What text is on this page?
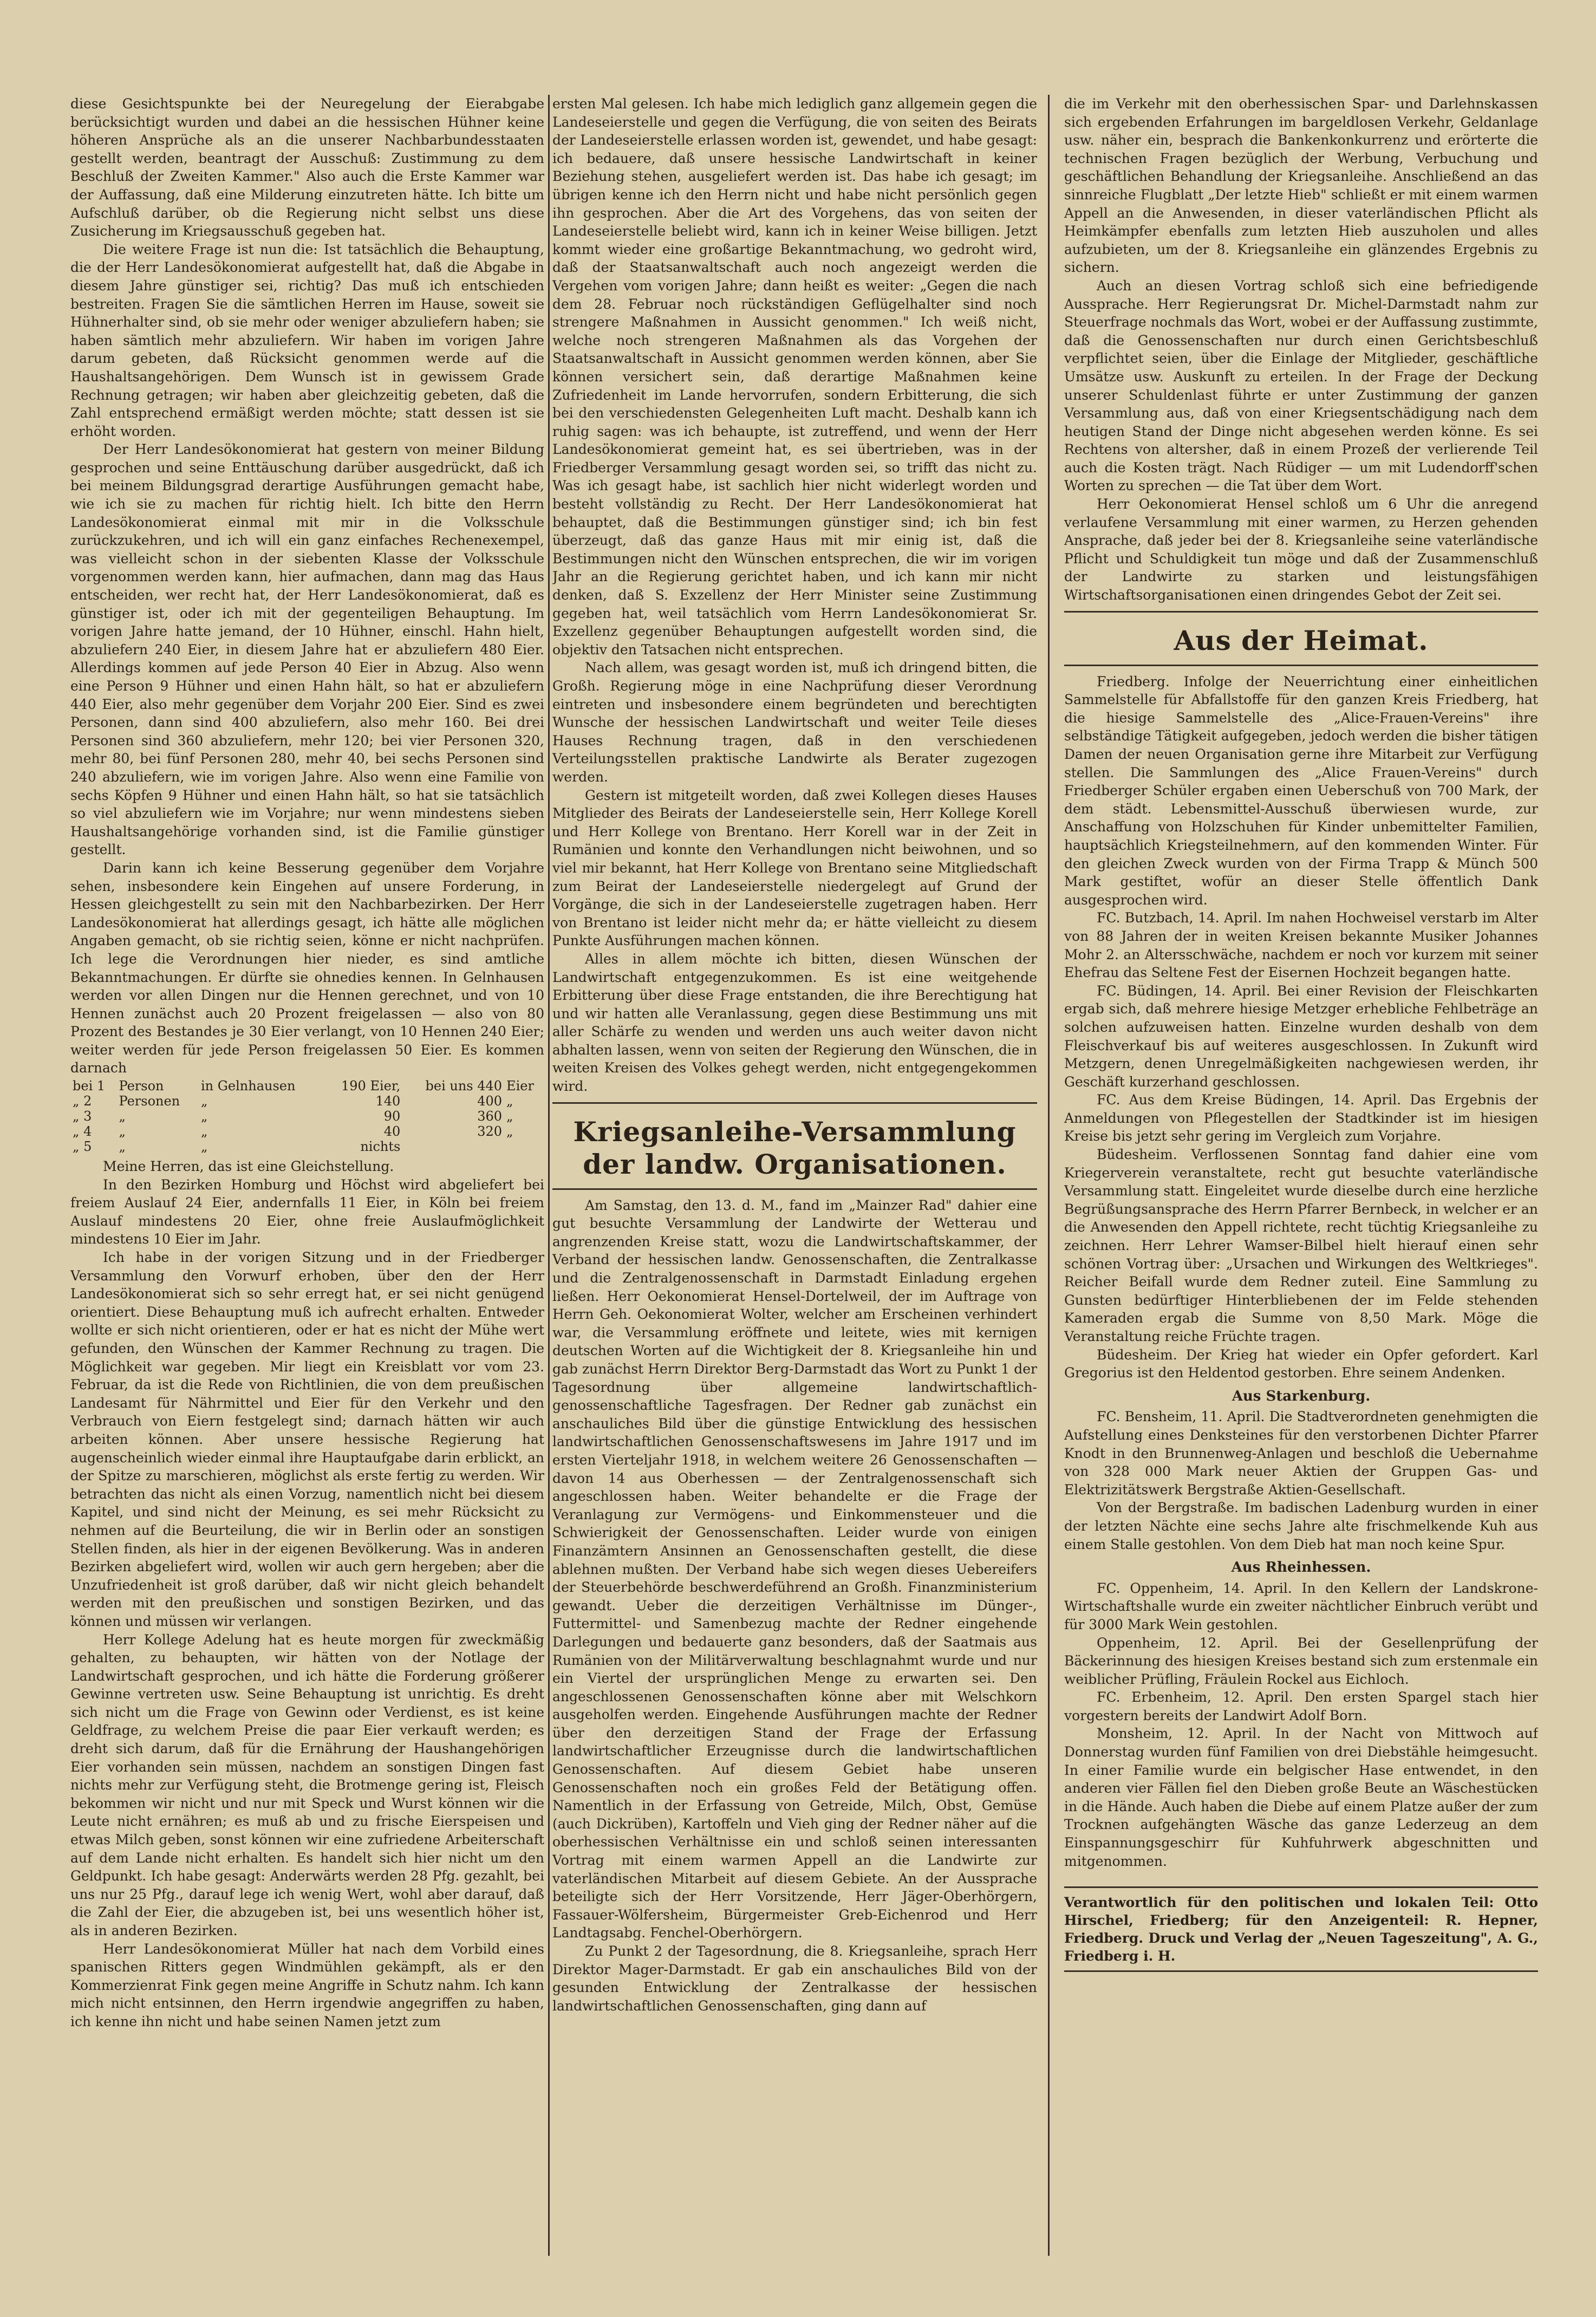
diese Gesichtspunkte bei der Neuregelung der Eierabgabe berücksichtigt wurden und dabei an die hessischen Hühner keine höheren Ansprüche als an die unserer Nachbarbundesstaaten gestellt werden, beantragt der Ausschuß: Zustimmung zu dem Beschluß der Zweiten Kammer." Also auch die Erste Kammer war der Auffassung, daß eine Milderung einzutreten hätte. Ich bitte um Aufschluß darüber, ob die Regierung nicht selbst uns diese Zusicherung im Kriegsausschuß gegeben hat.

Die weitere Frage ist nun die: Ist tatsächlich die Behauptung, die der Herr Landesökonomierat aufgestellt hat, daß die Abgabe in diesem Jahre günstiger sei, richtig? Das muß ich entschieden bestreiten. Fragen Sie die sämtlichen Herren im Hause, soweit sie Hühnerhalter sind, ob sie mehr oder weniger abzuliefern haben; sie haben sämtlich mehr abzuliefern. Wir haben im vorigen Jahre darum gebeten, daß Rücksicht genommen werde auf die Haushaltsangehörigen. Dem Wunsch ist in gewissem Grade Rechnung getragen; wir haben aber gleichzeitig gebeten, daß die Zahl entsprechend ermäßigt werden möchte; statt dessen ist sie erhöht worden.

Der Herr Landesökonomierat hat gestern von meiner Bildung gesprochen und seine Enttäuschung darüber ausgedrückt, daß ich bei meinem Bildungsgrad derartige Ausführungen gemacht habe, wie ich sie zu machen für richtig hielt. Ich bitte den Herrn Landesökonomierat einmal mit mir in die Volksschule zurückzukehren, und ich will ein ganz einfaches Rechenexempel, was vielleicht schon in der siebenten Klasse der Volksschule vorgenommen werden kann, hier aufmachen, dann mag das Haus entscheiden, wer recht hat, der Herr Landesökonomierat, daß es günstiger ist, oder ich mit der gegenteiligen Behauptung. Im vorigen Jahre hatte jemand, der 10 Hühner, einschl. Hahn hielt, abzuliefern 240 Eier, in diesem Jahre hat er abzuliefern 480 Eier. Allerdings kommen auf jede Person 40 Eier in Abzug. Also wenn eine Person 9 Hühner und einen Hahn hält, so hat er abzuliefern 440 Eier, also mehr gegenüber dem Vorjahr 200 Eier. Sind es zwei Personen, dann sind 400 abzuliefern, also mehr 160. Bei drei Personen sind 360 abzuliefern, mehr 120; bei vier Personen 320, mehr 80, bei fünf Personen 280, mehr 40, bei sechs Personen sind 240 abzuliefern, wie im vorigen Jahre. Also wenn eine Familie von sechs Köpfen 9 Hühner und einen Hahn hält, so hat sie tatsächlich so viel abzuliefern wie im Vorjahre; nur wenn mindestens sieben Haushaltsangehörige vorhanden sind, ist die Familie günstiger gestellt.

Darin kann ich keine Besserung gegenüber dem Vorjahre sehen, insbesondere kein Eingehen auf unsere Forderung, in Hessen gleichgestellt zu sein mit den Nachbarbezirken. Der Herr Landesökonomierat hat allerdings gesagt, ich hätte alle möglichen Angaben gemacht, ob sie richtig seien, könne er nicht nachprüfen. Ich lege die Verordnungen hier nieder, es sind amtliche Bekanntmachungen. Er dürfte sie ohnedies kennen. In Gelnhausen werden vor allen Dingen nur die Hennen gerechnet, und von 10 Hennen zunächst auch 20 Prozent freigelassen — also von 80 Prozent des Bestandes je 30 Eier verlangt, von 10 Hennen 240 Eier; weiter werden für jede Person freigelassen 50 Eier. Es kommen darnach

bei 1	Person	in Gelnhausen	190 Eier,	bei uns 440	Eier
„ 2	Personen	„	140	400	„
„ 3	„	„	90	360	„
„ 4	„	„	40	320	„
„ 5	„	„	nichts		

Meine Herren, das ist eine Gleichstellung.

In den Bezirken Homburg und Höchst wird abgeliefert bei freiem Auslauf 24 Eier, andernfalls 11 Eier, in Köln bei freiem Auslauf mindestens 20 Eier, ohne freie Auslaufmöglichkeit mindestens 10 Eier im Jahr.

Ich habe in der vorigen Sitzung und in der Friedberger Versammlung den Vorwurf erhoben, über den der Herr Landesökonomierat sich so sehr erregt hat, er sei nicht genügend orientiert. Diese Behauptung muß ich aufrecht erhalten. Entweder wollte er sich nicht orientieren, oder er hat es nicht der Mühe wert gefunden, den Wünschen der Kammer Rechnung zu tragen. Die Möglichkeit war gegeben. Mir liegt ein Kreisblatt vor vom 23. Februar, da ist die Rede von Richtlinien, die von dem preußischen Landesamt für Nährmittel und Eier für den Verkehr und den Verbrauch von Eiern festgelegt sind; darnach hätten wir auch arbeiten können. Aber unsere hessische Regierung hat augenscheinlich wieder einmal ihre Hauptaufgabe darin erblickt, an der Spitze zu marschieren, möglichst als erste fertig zu werden. Wir betrachten das nicht als einen Vorzug, namentlich nicht bei diesem Kapitel, und sind nicht der Meinung, es sei mehr Rücksicht zu nehmen auf die Beurteilung, die wir in Berlin oder an sonstigen Stellen finden, als hier in der eigenen Bevölkerung. Was in anderen Bezirken abgeliefert wird, wollen wir auch gern hergeben; aber die Unzufriedenheit ist groß darüber, daß wir nicht gleich behandelt werden mit den preußischen und sonstigen Bezirken, und das können und müssen wir verlangen.

Herr Kollege Adelung hat es heute morgen für zweckmäßig gehalten, zu behaupten, wir hätten von der Notlage der Landwirtschaft gesprochen, und ich hätte die Forderung größerer Gewinne vertreten usw. Seine Behauptung ist unrichtig. Es dreht sich nicht um die Frage von Gewinn oder Verdienst, es ist keine Geldfrage, zu welchem Preise die paar Eier verkauft werden; es dreht sich darum, daß für die Ernährung der Haushangehörigen Eier vorhanden sein müssen, nachdem an sonstigen Dingen fast nichts mehr zur Verfügung steht, die Brotmenge gering ist, Fleisch bekommen wir nicht und nur mit Speck und Wurst können wir die Leute nicht ernähren; es muß ab und zu frische Eierspeisen und etwas Milch geben, sonst können wir eine zufriedene Arbeiterschaft auf dem Lande nicht erhalten. Es handelt sich hier nicht um den Geldpunkt. Ich habe gesagt: Anderwärts werden 28 Pfg. gezahlt, bei uns nur 25 Pfg., darauf lege ich wenig Wert, wohl aber darauf, daß die Zahl der Eier, die abzugeben ist, bei uns wesentlich höher ist, als in anderen Bezirken.

Herr Landesökonomierat Müller hat nach dem Vorbild eines spanischen Ritters gegen Windmühlen gekämpft, als er den Kommerzienrat Fink gegen meine Angriffe in Schutz nahm. Ich kann mich nicht entsinnen, den Herrn irgendwie angegriffen zu haben, ich kenne ihn nicht und habe seinen Namen jetzt zum

ersten Mal gelesen. Ich habe mich lediglich ganz allgemein gegen die Landeseierstelle und gegen die Verfügung, die von seiten des Beirats der Landeseierstelle erlassen worden ist, gewendet, und habe gesagt: ich bedauere, daß unsere hessische Landwirtschaft in keiner Beziehung stehen, ausgeliefert werden ist. Das habe ich gesagt; im übrigen kenne ich den Herrn nicht und habe nicht persönlich gegen ihn gesprochen. Aber die Art des Vorgehens, das von seiten der Landeseierstelle beliebt wird, kann ich in keiner Weise billigen. Jetzt kommt wieder eine großartige Bekanntmachung, wo gedroht wird, daß der Staatsanwaltschaft auch noch angezeigt werden die Vergehen vom vorigen Jahre; dann heißt es weiter: „Gegen die nach dem 28. Februar noch rückständigen Geflügelhalter sind noch strengere Maßnahmen in Aussicht genommen." Ich weiß nicht, welche noch strengeren Maßnahmen als das Vorgehen der Staatsanwaltschaft in Aussicht genommen werden können, aber Sie können versichert sein, daß derartige Maßnahmen keine Zufriedenheit im Lande hervorrufen, sondern Erbitterung, die sich bei den verschiedensten Gelegenheiten Luft macht. Deshalb kann ich ruhig sagen: was ich behaupte, ist zutreffend, und wenn der Herr Landesökonomierat gemeint hat, es sei übertrieben, was in der Friedberger Versammlung gesagt worden sei, so trifft das nicht zu. Was ich gesagt habe, ist sachlich hier nicht widerlegt worden und besteht vollständig zu Recht. Der Herr Landesökonomierat hat behauptet, daß die Bestimmungen günstiger sind; ich bin fest überzeugt, daß das ganze Haus mit mir einig ist, daß die Bestimmungen nicht den Wünschen entsprechen, die wir im vorigen Jahr an die Regierung gerichtet haben, und ich kann mir nicht denken, daß S. Exzellenz der Herr Minister seine Zustimmung gegeben hat, weil tatsächlich vom Herrn Landesökonomierat Sr. Exzellenz gegenüber Behauptungen aufgestellt worden sind, die objektiv den Tatsachen nicht entsprechen.

Nach allem, was gesagt worden ist, muß ich dringend bitten, die Großh. Regierung möge in eine Nachprüfung dieser Verordnung eintreten und insbesondere einem begründeten und berechtigten Wunsche der hessischen Landwirtschaft und weiter Teile dieses Hauses Rechnung tragen, daß in den verschiedenen Verteilungsstellen praktische Landwirte als Berater zugezogen werden.

Gestern ist mitgeteilt worden, daß zwei Kollegen dieses Hauses Mitglieder des Beirats der Landeseierstelle sein, Herr Kollege Korell und Herr Kollege von Brentano. Herr Korell war in der Zeit in Rumänien und konnte den Verhandlungen nicht beiwohnen, und so viel mir bekannt, hat Herr Kollege von Brentano seine Mitgliedschaft zum Beirat der Landeseierstelle niedergelegt auf Grund der Vorgänge, die sich in der Landeseierstelle zugetragen haben. Herr von Brentano ist leider nicht mehr da; er hätte vielleicht zu diesem Punkte Ausführungen machen können.

Alles in allem möchte ich bitten, diesen Wünschen der Landwirtschaft entgegenzukommen. Es ist eine weitgehende Erbitterung über diese Frage entstanden, die ihre Berechtigung hat und wir hatten alle Veranlassung, gegen diese Bestimmung uns mit aller Schärfe zu wenden und werden uns auch weiter davon nicht abhalten lassen, wenn von seiten der Regierung den Wünschen, die in weiten Kreisen des Volkes gehegt werden, nicht entgegengekommen wird.

Kriegsanleihe-Versammlung der landw. Organisationen.

Am Samstag, den 13. d. M., fand im „Mainzer Rad" dahier eine gut besuchte Versammlung der Landwirte der Wetterau und angrenzenden Kreise statt, wozu die Landwirtschaftskammer, der Verband der hessischen landw. Genossenschaften, die Zentralkasse und die Zentralgenossenschaft in Darmstadt Einladung ergehen ließen. Herr Oekonomierat Hensel-Dortelweil, der im Auftrage von Herrn Geh. Oekonomierat Wolter, welcher am Erscheinen verhindert war, die Versammlung eröffnete und leitete, wies mit kernigen deutschen Worten auf die Wichtigkeit der 8. Kriegsanleihe hin und gab zunächst Herrn Direktor Berg-Darmstadt das Wort zu Punkt 1 der Tagesordnung über allgemeine landwirtschaftlich-genossenschaftliche Tagesfragen. Der Redner gab zunächst ein anschauliches Bild über die günstige Entwicklung des hessischen landwirtschaftlichen Genossenschaftswesens im Jahre 1917 und im ersten Vierteljahr 1918, in welchem weitere 26 Genossenschaften — davon 14 aus Oberhessen — der Zentralgenossenschaft sich angeschlossen haben. Weiter behandelte er die Frage der Veranlagung zur Vermögens- und Einkommensteuer und die Schwierigkeit der Genossenschaften. Leider wurde von einigen Finanzämtern Ansinnen an Genossenschaften gestellt, die diese ablehnen mußten. Der Verband habe sich wegen dieses Uebereifers der Steuerbehörde beschwerdeführend an Großh. Finanzministerium gewandt. Ueber die derzeitigen Verhältnisse im Dünger-, Futtermittel- und Samenbezug machte der Redner eingehende Darlegungen und bedauerte ganz besonders, daß der Saatmais aus Rumänien von der Militärverwaltung beschlagnahmt wurde und nur ein Viertel der ursprünglichen Menge zu erwarten sei. Den angeschlossenen Genossenschaften könne aber mit Welschkorn ausgeholfen werden. Eingehende Ausführungen machte der Redner über den derzeitigen Stand der Frage der Erfassung landwirtschaftlicher Erzeugnisse durch die landwirtschaftlichen Genossenschaften. Auf diesem Gebiet habe unseren Genossenschaften noch ein großes Feld der Betätigung offen. Namentlich in der Erfassung von Getreide, Milch, Obst, Gemüse (auch Dickrüben), Kartoffeln und Vieh ging der Redner näher auf die oberhessischen Verhältnisse ein und schloß seinen interessanten Vortrag mit einem warmen Appell an die Landwirte zur vaterländischen Mitarbeit auf diesem Gebiete. An der Aussprache beteiligte sich der Herr Vorsitzende, Herr Jäger-Oberhörgern, Fassauer-Wölfersheim, Bürgermeister Greb-Eichenrod und Herr Landtagsabg. Fenchel-Oberhörgern.

Zu Punkt 2 der Tagesordnung, die 8. Kriegsanleihe, sprach Herr Direktor Mager-Darmstadt. Er gab ein anschauliches Bild von der gesunden Entwicklung der Zentralkasse der hessischen landwirtschaftlichen Genossenschaften, ging dann auf

die im Verkehr mit den oberhessischen Spar- und Darlehnskassen sich ergebenden Erfahrungen im bargeldlosen Verkehr, Geldanlage usw. näher ein, besprach die Bankenkonkurrenz und erörterte die technischen Fragen bezüglich der Werbung, Verbuchung und geschäftlichen Behandlung der Kriegsanleihe. Anschließend an das sinnreiche Flugblatt „Der letzte Hieb" schließt er mit einem warmen Appell an die Anwesenden, in dieser vaterländischen Pflicht als Heimkämpfer ebenfalls zum letzten Hieb auszuholen und alles aufzubieten, um der 8. Kriegsanleihe ein glänzendes Ergebnis zu sichern.

Auch an diesen Vortrag schloß sich eine befriedigende Aussprache. Herr Regierungsrat Dr. Michel-Darmstadt nahm zur Steuerfrage nochmals das Wort, wobei er der Auffassung zustimmte, daß die Genossenschaften nur durch einen Gerichtsbeschluß verpflichtet seien, über die Einlage der Mitglieder, geschäftliche Umsätze usw. Auskunft zu erteilen. In der Frage der Deckung unserer Schuldenlast führte er unter Zustimmung der ganzen Versammlung aus, daß von einer Kriegsentschädigung nach dem heutigen Stand der Dinge nicht abgesehen werden könne. Es sei Rechtens von altersher, daß in einem Prozeß der verlierende Teil auch die Kosten trägt. Nach Rüdiger — um mit Ludendorff'schen Worten zu sprechen — die Tat über dem Wort.

Herr Oekonomierat Hensel schloß um 6 Uhr die anregend verlaufene Versammlung mit einer warmen, zu Herzen gehenden Ansprache, daß jeder bei der 8. Kriegsanleihe seine vaterländische Pflicht und Schuldigkeit tun möge und daß der Zusammenschluß der Landwirte zu starken und leistungsfähigen Wirtschaftsorganisationen einen dringendes Gebot der Zeit sei.

Aus der Heimat.

Friedberg. Infolge der Neuerrichtung einer einheitlichen Sammelstelle für Abfallstoffe für den ganzen Kreis Friedberg, hat die hiesige Sammelstelle des „Alice-Frauen-Vereins" ihre selbständige Tätigkeit aufgegeben, jedoch werden die bisher tätigen Damen der neuen Organisation gerne ihre Mitarbeit zur Verfügung stellen. Die Sammlungen des „Alice Frauen-Vereins" durch Friedberger Schüler ergaben einen Ueberschuß von 700 Mark, der dem städt. Lebensmittel-Ausschuß überwiesen wurde, zur Anschaffung von Holzschuhen für Kinder unbemittelter Familien, hauptsächlich Kriegsteilnehmern, auf den kommenden Winter. Für den gleichen Zweck wurden von der Firma Trapp & Münch 500 Mark gestiftet, wofür an dieser Stelle öffentlich Dank ausgesprochen wird.

FC. Butzbach, 14. April. Im nahen Hochweisel verstarb im Alter von 88 Jahren der in weiten Kreisen bekannte Musiker Johannes Mohr 2. an Altersschwäche, nachdem er noch vor kurzem mit seiner Ehefrau das Seltene Fest der Eisernen Hochzeit begangen hatte.

FC. Büdingen, 14. April. Bei einer Revision der Fleischkarten ergab sich, daß mehrere hiesige Metzger erhebliche Fehlbeträge an solchen aufzuweisen hatten. Einzelne wurden deshalb von dem Fleischverkauf bis auf weiteres ausgeschlossen. In Zukunft wird Metzgern, denen Unregelmäßigkeiten nachgewiesen werden, ihr Geschäft kurzerhand geschlossen.

FC. Aus dem Kreise Büdingen, 14. April. Das Ergebnis der Anmeldungen von Pflegestellen der Stadtkinder ist im hiesigen Kreise bis jetzt sehr gering im Vergleich zum Vorjahre.

Büdesheim. Verflossenen Sonntag fand dahier eine vom Kriegerverein veranstaltete, recht gut besuchte vaterländische Versammlung statt. Eingeleitet wurde dieselbe durch eine herzliche Begrüßungsansprache des Herrn Pfarrer Bernbeck, in welcher er an die Anwesenden den Appell richtete, recht tüchtig Kriegsanleihe zu zeichnen. Herr Lehrer Wamser-Bilbel hielt hierauf einen sehr schönen Vortrag über: „Ursachen und Wirkungen des Weltkrieges". Reicher Beifall wurde dem Redner zuteil. Eine Sammlung zu Gunsten bedürftiger Hinterbliebenen der im Felde stehenden Kameraden ergab die Summe von 8,50 Mark. Möge die Veranstaltung reiche Früchte tragen.

Büdesheim. Der Krieg hat wieder ein Opfer gefordert. Karl Gregorius ist den Heldentod gestorben. Ehre seinem Andenken.

Aus Starkenburg.

FC. Bensheim, 11. April. Die Stadtverordneten genehmigten die Aufstellung eines Denksteines für den verstorbenen Dichter Pfarrer Knodt in den Brunnenweg-Anlagen und beschloß die Uebernahme von 328 000 Mark neuer Aktien der Gruppen Gas- und Elektrizitätswerk Bergstraße Aktien-Gesellschaft.

Von der Bergstraße. Im badischen Ladenburg wurden in einer der letzten Nächte eine sechs Jahre alte frischmelkende Kuh aus einem Stalle gestohlen. Von dem Dieb hat man noch keine Spur.

Aus Rheinhessen.

FC. Oppenheim, 14. April. In den Kellern der Landskrone-Wirtschaftshalle wurde ein zweiter nächtlicher Einbruch verübt und für 3000 Mark Wein gestohlen.

Oppenheim, 12. April. Bei der Gesellenprüfung der Bäckerinnung des hiesigen Kreises bestand sich zum erstenmale ein weiblicher Prüfling, Fräulein Rockel aus Eichloch.

FC. Erbenheim, 12. April. Den ersten Spargel stach hier vorgestern bereits der Landwirt Adolf Born.

Monsheim, 12. April. In der Nacht von Mittwoch auf Donnerstag wurden fünf Familien von drei Diebstähle heimgesucht. In einer Familie wurde ein belgischer Hase entwendet, in den anderen vier Fällen fiel den Dieben große Beute an Wäschestücken in die Hände. Auch haben die Diebe auf einem Platze außer der zum Trocknen aufgehängten Wäsche das ganze Lederzeug an dem Einspannungsgeschirr für Kuhfuhrwerk abgeschnitten und mitgenommen.

Verantwortlich für den politischen und lokalen Teil: Otto Hirschel, Friedberg; für den Anzeigenteil: R. Hepner, Friedberg. Druck und Verlag der „Neuen Tageszeitung", A. G., Friedberg i. H.
